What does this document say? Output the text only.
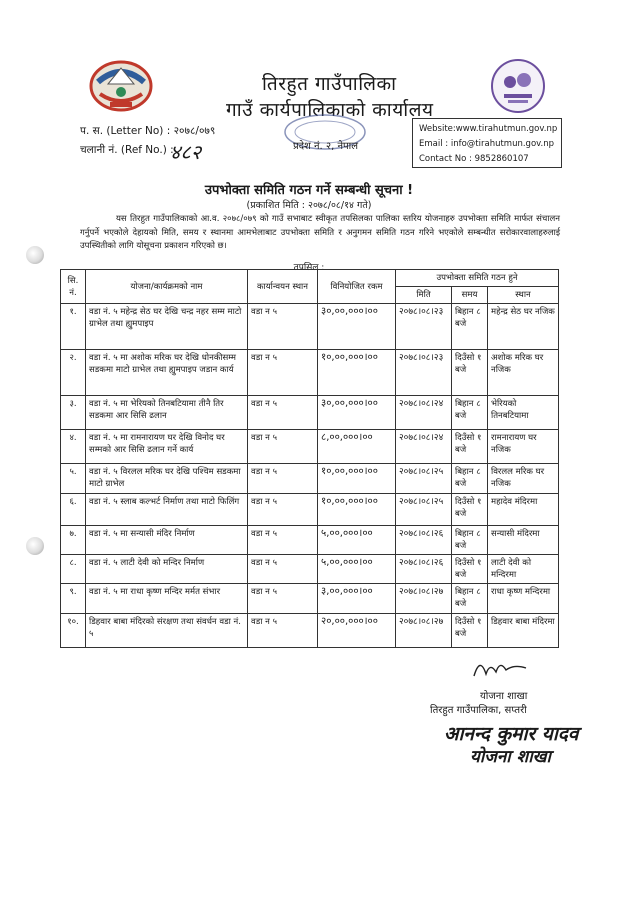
तिरहुत गाउँपालिका
गाउँ कार्यपालिकाको कार्यालय
प्रदेश नं. २, नेपाल
प. स. (Letter No) : २०७८/०७९
चलानी नं. (Ref No.) :
४८२
Website:www.tirahutmun.gov.np
Email : info@tirahutmun.gov.np
Contact No : 9852860107
उपभोक्ता समिति गठन गर्ने सम्बन्धी सूचना !
(प्रकाशित मिति : २०७८/०८/१४ गते)
यस तिरहुत गाउँपालिकाको आ.व. २०७८/०७९ को गाउँ सभाबाट स्वीकृत तपसिलका पालिका स्तरिय योजनाहरु उपभोक्ता समिति मार्फत संचालन गर्नुपर्ने भएकोले देहायको मिति, समय र स्थानमा आमभेलाबाट उपभोक्ता समिति र अनुगमन समिति गठन गरिने भएकोले सम्बन्धीत सरोकारवालाहरुलाई उपस्थितीको लागि योसूचना प्रकाशन गरिएको छ।
तपसिल :
सि. नं.	योजना/कार्यक्रमको नाम	कार्यान्वयन स्थान	विनियोजित रकम	उपभोक्ता समिति गठन हुने		
				मिति	समय	स्थान
१.	वडा नं. ५ महेन्द्र सेठ घर देखि चन्द्र नहर सम्म माटो ग्राभेल तथा ह्युमपाइप	वडा न ५	३०,००,०००।००	२०७८।०८।२३	बिहान ८ बजे	महेन्द्र सेठ घर नजिक
२.	वडा नं. ५ मा अशोक मरिक घर देखि धोनकीसम्म सडकमा माटो ग्राभेल तथा ह्युमपाइप जडान कार्य	वडा न ५	१०,००,०००।००	२०७८।०८।२३	दिउँसो १ बजे	अशोक मरिक घर नजिक
३.	वडा नं. ५ मा भेरियको तिनबटियामा तीनै तिर सडकमा आर सिसि ढलान	वडा न ५	३०,००,०००।००	२०७८।०८।२४	बिहान ८ बजे	भेरियको तिनबटियामा
४.	वडा नं. ५ मा रामनारायण घर देखि विनोद घर सम्मको आर सिसि ढलान गर्ने कार्य	वडा न ५	८,००,०००।००	२०७८।०८।२४	दिउँसो १ बजे	रामनारायण घर नजिक
५.	वडा नं. ५ विरलल मरिक घर देखि पश्चिम सडकमा माटो ग्राभेल	वडा न ५	१०,००,०००।००	२०७८।०८।२५	बिहान ८ बजे	विरलल मरिक घर नजिक
६.	वडा नं. ५ स्लाब कल्भर्ट निर्माण तथा माटो फिलिंग	वडा न ५	१०,००,०००।००	२०७८।०८।२५	दिउँसो १ बजे	महादेव मंदिरमा
७.	वडा नं. ५ मा सन्यासी मंदिर निर्माण	वडा न ५	५,००,०००।००	२०७८।०८।२६	बिहान ८ बजे	सन्यासी मंदिरमा
८.	वडा नं. ५ लाटी देवी को मन्दिर निर्माण	वडा न ५	५,००,०००।००	२०७८।०८।२६	दिउँसो १ बजे	लाटी देवी को मन्दिरमा
९.	वडा नं. ५ मा राधा कृष्ण मन्दिर मर्मत संभार	वडा न ५	३,००,०००।००	२०७८।०८।२७	बिहान ८ बजे	राधा कृष्ण मन्दिरमा
१०.	डिहवार बाबा मंदिरकाे संरक्षण तथा संवर्धन वडा नं. ५	वडा न ५	२०,००,०००।००	२०७८।०८।२७	दिउँसो १ बजे	डिहवार बाबा मंदिरमा
योजना शाखा
तिरहुत गाउँपालिका, सप्तरी
आनन्द कुमार यादव
योजना शाखा
